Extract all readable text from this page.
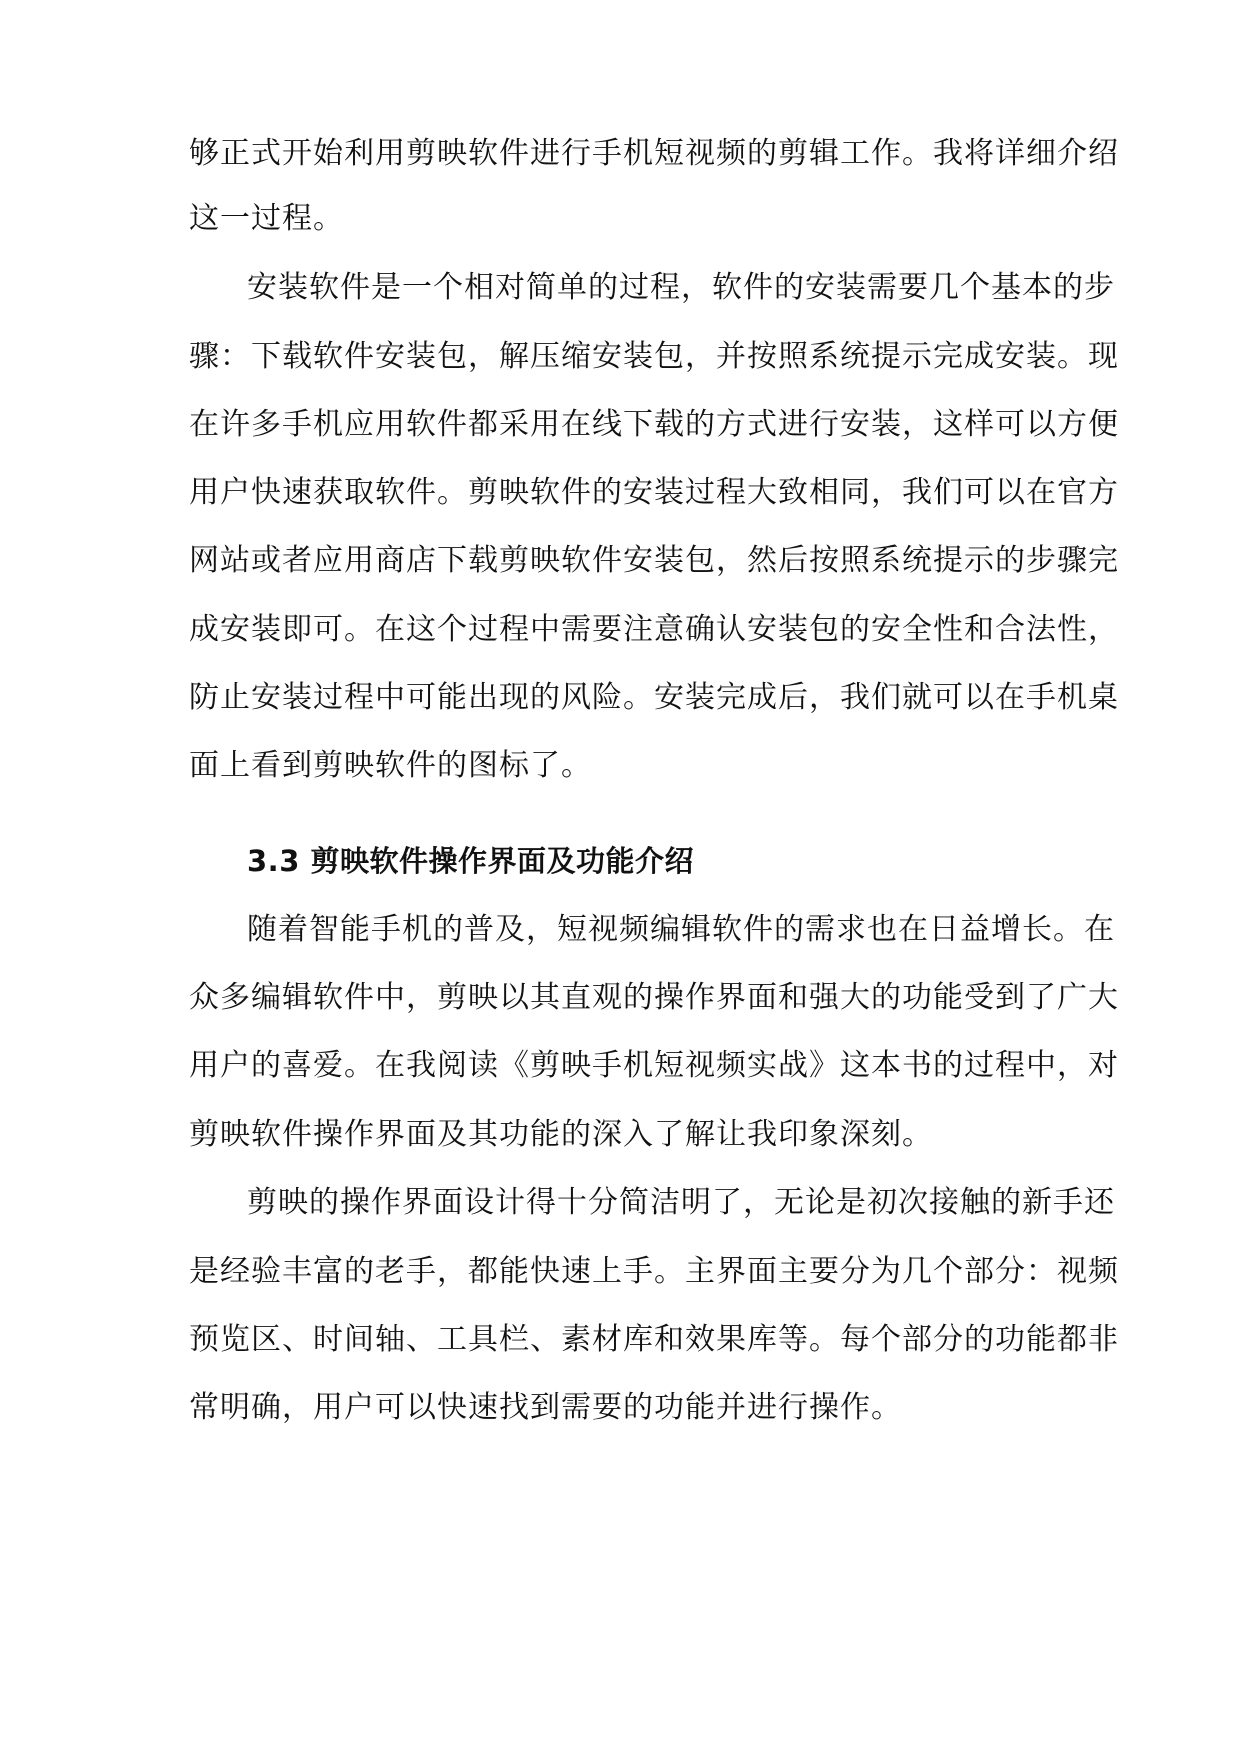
够正式开始利用剪映软件进行手机短视频的剪辑工作。我将详细介绍
这一过程。
安装软件是一个相对简单的过程，软件的安装需要几个基本的步
骤：下载软件安装包，解压缩安装包，并按照系统提示完成安装。现
在许多手机应用软件都采用在线下载的方式进行安装，这样可以方便
用户快速获取软件。剪映软件的安装过程大致相同，我们可以在官方
网站或者应用商店下载剪映软件安装包，然后按照系统提示的步骤完
成安装即可。在这个过程中需要注意确认安装包的安全性和合法性，
防止安装过程中可能出现的风险。安装完成后，我们就可以在手机桌
面上看到剪映软件的图标了。
3.3 剪映软件操作界面及功能介绍
随着智能手机的普及，短视频编辑软件的需求也在日益增长。在
众多编辑软件中，剪映以其直观的操作界面和强大的功能受到了广大
用户的喜爱。在我阅读《剪映手机短视频实战》这本书的过程中，对
剪映软件操作界面及其功能的深入了解让我印象深刻。
剪映的操作界面设计得十分简洁明了，无论是初次接触的新手还
是经验丰富的老手，都能快速上手。主界面主要分为几个部分：视频
预览区、时间轴、工具栏、素材库和效果库等。每个部分的功能都非
常明确，用户可以快速找到需要的功能并进行操作。
